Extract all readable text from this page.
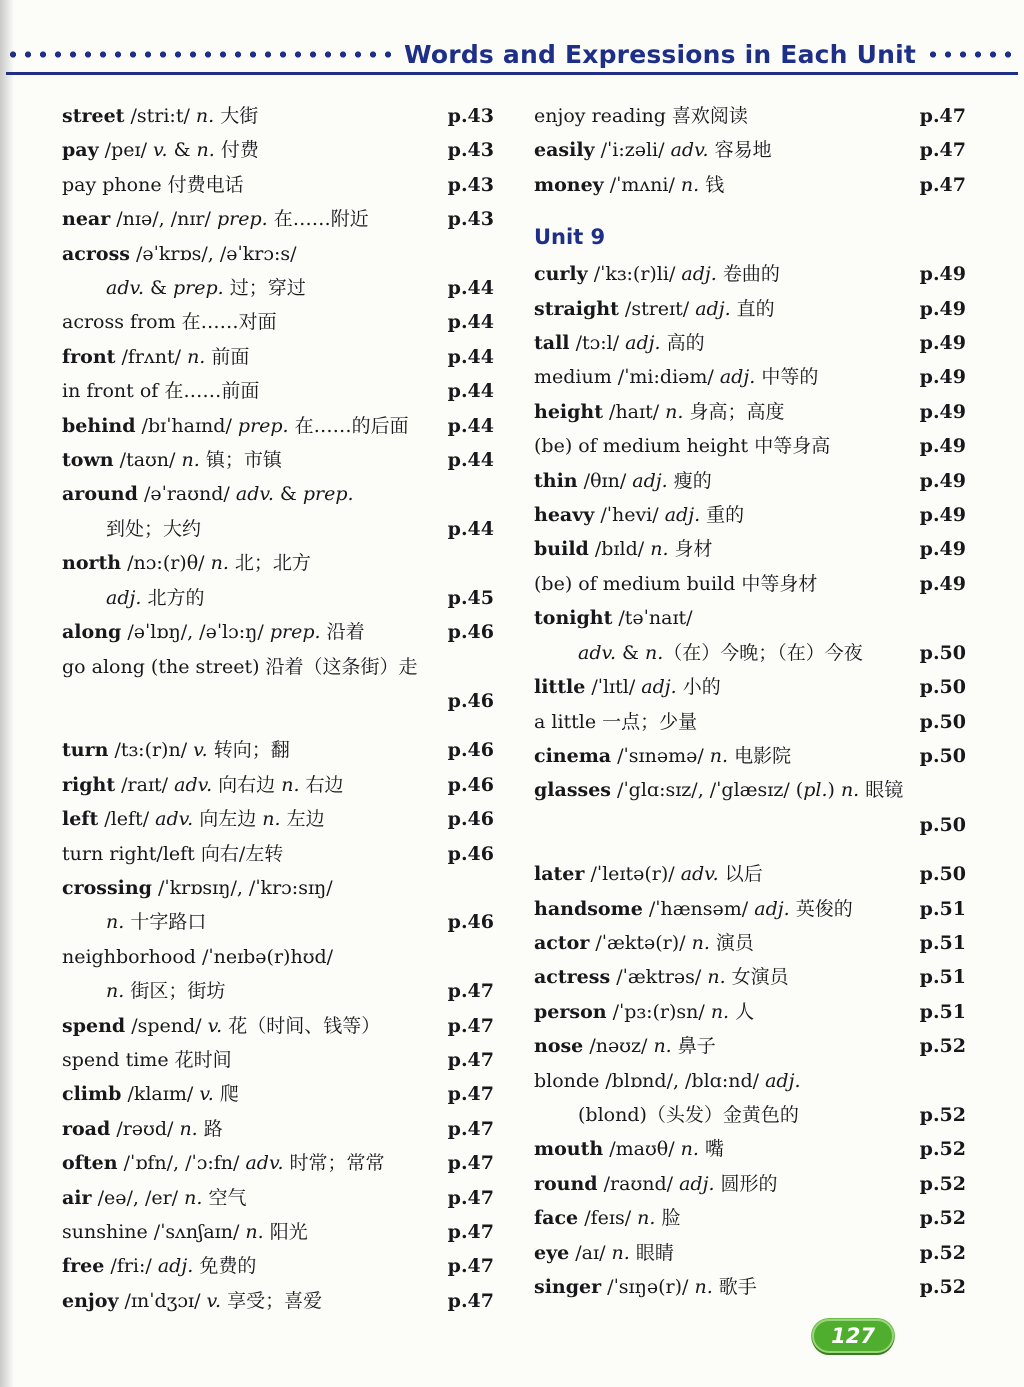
Words and Expressions in Each Unit
street /stri:t/ n. 大街	p.43
pay /peɪ/ v. & n. 付费	p.43
pay phone 付费电话	p.43
near /nɪə/, /nɪr/ prep. 在……附近	p.43
across /əˈkrɒs/, /əˈkrɔ:s/
adv. & prep. 过；穿过	p.44
across from 在……对面	p.44
front /frʌnt/ n. 前面	p.44
in front of 在……前面	p.44
behind /bɪˈhaɪnd/ prep. 在……的后面	p.44
town /taʊn/ n. 镇；市镇	p.44
around /əˈraʊnd/ adv. & prep.
到处；大约	p.44
north /nɔ:(r)θ/ n. 北；北方
adj. 北方的	p.45
along /əˈlɒŋ/, /əˈlɔ:ŋ/ prep. 沿着	p.46
go along (the street) 沿着（这条街）走
p.46
turn /tɜ:(r)n/ v. 转向；翻	p.46
right /raɪt/ adv. 向右边 n. 右边	p.46
left /left/ adv. 向左边 n. 左边	p.46
turn right/left 向右/左转	p.46
crossing /ˈkrɒsɪŋ/, /ˈkrɔ:sɪŋ/
n. 十字路口	p.46
neighborhood /ˈneɪbə(r)hʊd/
n. 街区；街坊	p.47
spend /spend/ v. 花（时间、钱等）	p.47
spend time 花时间	p.47
climb /klaɪm/ v. 爬	p.47
road /rəʊd/ n. 路	p.47
often /ˈɒfn/, /ˈɔ:fn/ adv. 时常；常常	p.47
air /eə/, /er/ n. 空气	p.47
sunshine /ˈsʌnʃaɪn/ n. 阳光	p.47
free /fri:/ adj. 免费的	p.47
enjoy /ɪnˈdʒɔɪ/ v. 享受；喜爱	p.47
enjoy reading 喜欢阅读	p.47
easily /ˈi:zəli/ adv. 容易地	p.47
money /ˈmʌni/ n. 钱	p.47
Unit 9
curly /ˈkɜ:(r)li/ adj. 卷曲的	p.49
straight /streɪt/ adj. 直的	p.49
tall /tɔ:l/ adj. 高的	p.49
medium /ˈmi:diəm/ adj. 中等的	p.49
height /haɪt/ n. 身高；高度	p.49
(be) of medium height 中等身高	p.49
thin /θɪn/ adj. 瘦的	p.49
heavy /ˈhevi/ adj. 重的	p.49
build /bɪld/ n. 身材	p.49
(be) of medium build 中等身材	p.49
tonight /təˈnaɪt/
adv. & n.（在）今晚；（在）今夜	p.50
little /ˈlɪtl/ adj. 小的	p.50
a little 一点；少量	p.50
cinema /ˈsɪnəmə/ n. 电影院	p.50
glasses /ˈglɑ:sɪz/, /ˈglæsɪz/ (pl.) n. 眼镜
p.50
later /ˈleɪtə(r)/ adv. 以后	p.50
handsome /ˈhænsəm/ adj. 英俊的	p.51
actor /ˈæktə(r)/ n. 演员	p.51
actress /ˈæktrəs/ n. 女演员	p.51
person /ˈpɜ:(r)sn/ n. 人	p.51
nose /nəʊz/ n. 鼻子	p.52
blonde /blɒnd/, /blɑ:nd/ adj.
(blond)（头发）金黄色的	p.52
mouth /maʊθ/ n. 嘴	p.52
round /raʊnd/ adj. 圆形的	p.52
face /feɪs/ n. 脸	p.52
eye /aɪ/ n. 眼睛	p.52
singer /ˈsɪŋə(r)/ n. 歌手	p.52
127
